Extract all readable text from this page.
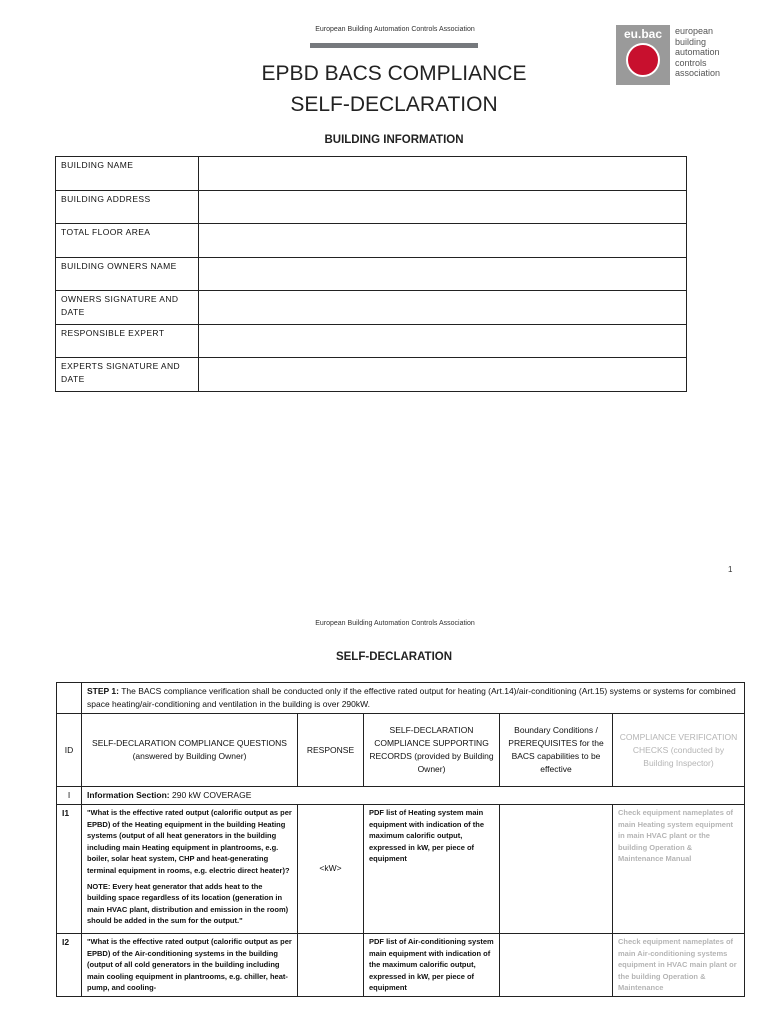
European Building Automation Controls Association	eu.bac	european
building
automation
controls
association
EPBD BACS COMPLIANCE
SELF-DECLARATION
BUILDING INFORMATION
BUILDING NAME	
BUILDING ADDRESS	
TOTAL FLOOR AREA	
BUILDING OWNERS NAME	
OWNERS SIGNATURE AND DATE	
RESPONSIBLE EXPERT	
EXPERTS SIGNATURE AND DATE	
1
European Building Automation Controls Association
SELF-DECLARATION
	STEP 1: The BACS compliance verification shall be conducted only if the effective rated output for heating (Art.14)/air-conditioning (Art.15) systems or systems for combined space heating/air-conditioning and ventilation in the building is over 290kW.				
ID	SELF-DECLARATION COMPLIANCE QUESTIONS (answered by Building Owner)	RESPONSE	SELF-DECLARATION COMPLIANCE SUPPORTING RECORDS (provided by Building Owner)	Boundary Conditions / PREREQUISITES for the BACS capabilities to be effective	COMPLIANCE VERIFICATION CHECKS (conducted by Building Inspector)
I	Information Section: 290 kW COVERAGE				
I1	"What is the effective rated output (calorific output as per EPBD) of the Heating equipment in the building Heating systems (output of all heat generators in the building including main Heating equipment in plantrooms, e.g. boiler, solar heat system, CHP and heat-generating terminal equipment in rooms, e.g. electric direct heater)?

NOTE: Every heat generator that adds heat to the building space regardless of its location (generation in main HVAC plant, distribution and emission in the room) should be added in the sum for the output."	<kW>	PDF list of Heating system main equipment with indication of the maximum calorific output, expressed in kW, per piece of equipment		Check equipment nameplates of main Heating system equipment in main HVAC plant or the building Operation & Maintenance Manual
I2	"What is the effective rated output (calorific output as per EPBD) of the Air-conditioning systems in the building (output of all cold generators in the building including main cooling equipment in plantrooms, e.g. chiller, heat-pump, and cooling-		PDF list of Air-conditioning system main equipment with indication of the maximum calorific output, expressed in kW, per piece of equipment		Check equipment nameplates of main Air-conditioning systems equipment in HVAC main plant or the building Operation & Maintenance
